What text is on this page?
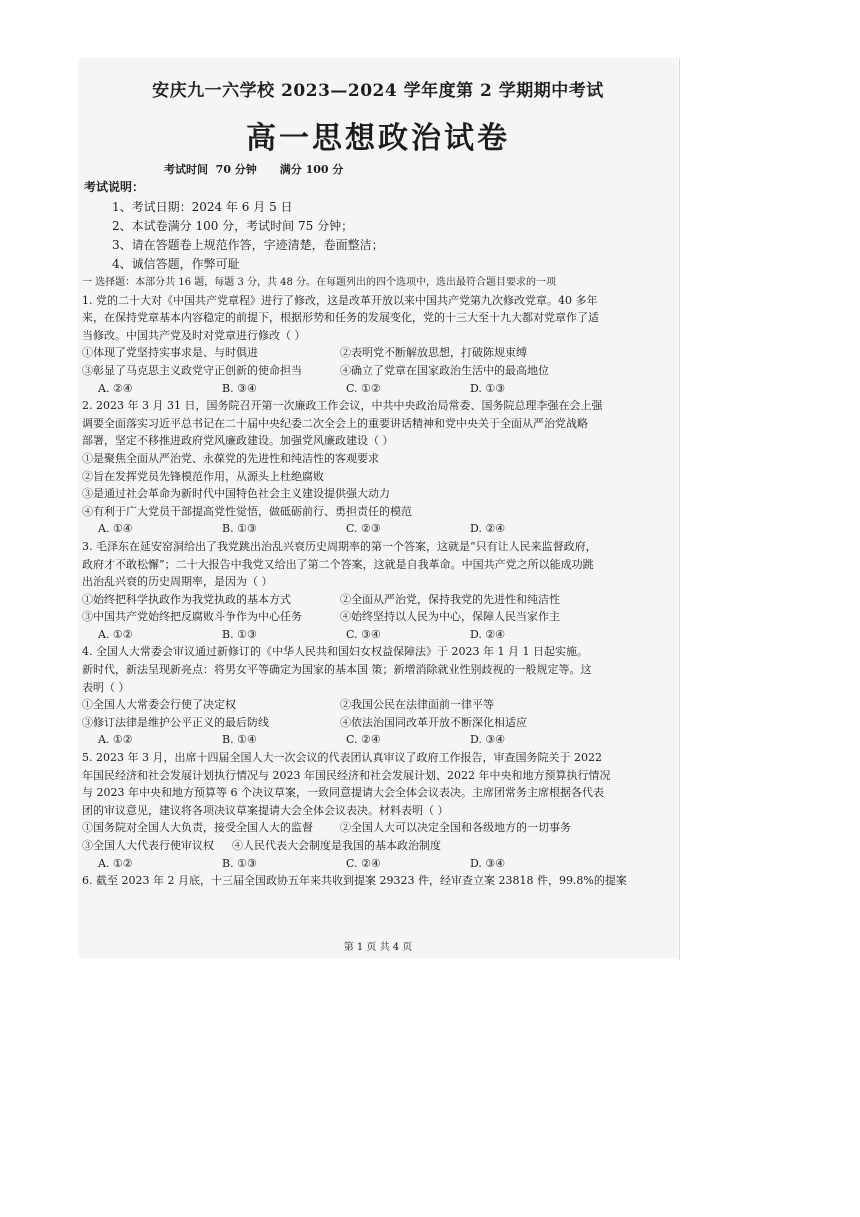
安庆九一六学校 2023—2024 学年度第 2 学期期中考试
高一思想政治试卷
考试时间  70 分钟      满分 100 分
考试说明：
1、考试日期：2024 年 6 月 5 日
2、本试卷满分 100 分，考试时间 75 分钟；
3、请在答题卷上规范作答，字迹清楚，卷面整洁；
4、诚信答题，作弊可耻
一 选择题：本部分共 16 题，每题 3 分，共 48 分。在每题列出的四个选项中，选出最符合题目要求的一项
1. 党的二十大对《中国共产党章程》进行了修改，这是改革开放以来中国共产党第九次修改党章。40 多年
来，在保持党章基本内容稳定的前提下，根据形势和任务的发展变化，党的十三大至十九大都对党章作了适
当修改。中国共产党及时对党章进行修改（ ）
①体现了党坚持实事求是、与时俱进	②表明党不断解放思想，打破陈规束缚
③彰显了马克思主义政党守正创新的使命担当	④确立了党章在国家政治生活中的最高地位
A. ②④	B. ③④	C. ①②	D. ①③
2. 2023 年 3 月 31 日，国务院召开第一次廉政工作会议，中共中央政治局常委、国务院总理李强在会上强
调要全面落实习近平总书记在二十届中央纪委二次全会上的重要讲话精神和党中央关于全面从严治党战略
部署，坚定不移推进政府党风廉政建设。加强党风廉政建设（ ）
①是聚焦全面从严治党、永葆党的先进性和纯洁性的客观要求
②旨在发挥党员先锋模范作用，从源头上杜绝腐败
③是通过社会革命为新时代中国特色社会主义建设提供强大动力
④有利于广大党员干部提高党性觉悟，做砥砺前行、勇担责任的模范
A. ①④	B. ①③	C. ②③	D. ②④
3. 毛泽东在延安窑洞给出了我党跳出治乱兴衰历史周期率的第一个答案，这就是“只有让人民来监督政府，
政府才不敢松懈”；二十大报告中我党又给出了第二个答案，这就是自我革命。中国共产党之所以能成功跳
出治乱兴衰的历史周期率，是因为（ ）
①始终把科学执政作为我党执政的基本方式	②全面从严治党，保持我党的先进性和纯洁性
③中国共产党始终把反腐败斗争作为中心任务	④始终坚持以人民为中心，保障人民当家作主
A. ①②	B. ①③	C. ③④	D. ②④
4. 全国人大常委会审议通过新修订的《中华人民共和国妇女权益保障法》于 2023 年 1 月 1 日起实施。
新时代，新法呈现新亮点：将男女平等确定为国家的基本国 策；新增消除就业性别歧视的一般规定等。这
表明（ ）
①全国人大常委会行使了决定权	②我国公民在法律面前一律平等
③修订法律是维护公平正义的最后防线	④依法治国同改革开放不断深化相适应
A. ①②	B. ①④	C. ②④	D. ③④
5. 2023 年 3 月，出席十四届全国人大一次会议的代表团认真审议了政府工作报告，审查国务院关于 2022
年国民经济和社会发展计划执行情况与 2023 年国民经济和社会发展计划、2022 年中央和地方预算执行情况
与 2023 年中央和地方预算等 6 个决议草案，一致同意提请大会全体会议表决。主席团常务主席根据各代表
团的审议意见，建议将各项决议草案提请大会全体会议表决。材料表明（ ）
①国务院对全国人大负责，接受全国人大的监督	②全国人大可以决定全国和各级地方的一切事务
③全国人大代表行使审议权	④人民代表大会制度是我国的基本政治制度
A. ①②	B. ①③	C. ②④	D. ③④
6. 截至 2023 年 2 月底，十三届全国政协五年来共收到提案 29323 件，经审查立案 23818 件，99.8%的提案
第 1 页 共 4 页
